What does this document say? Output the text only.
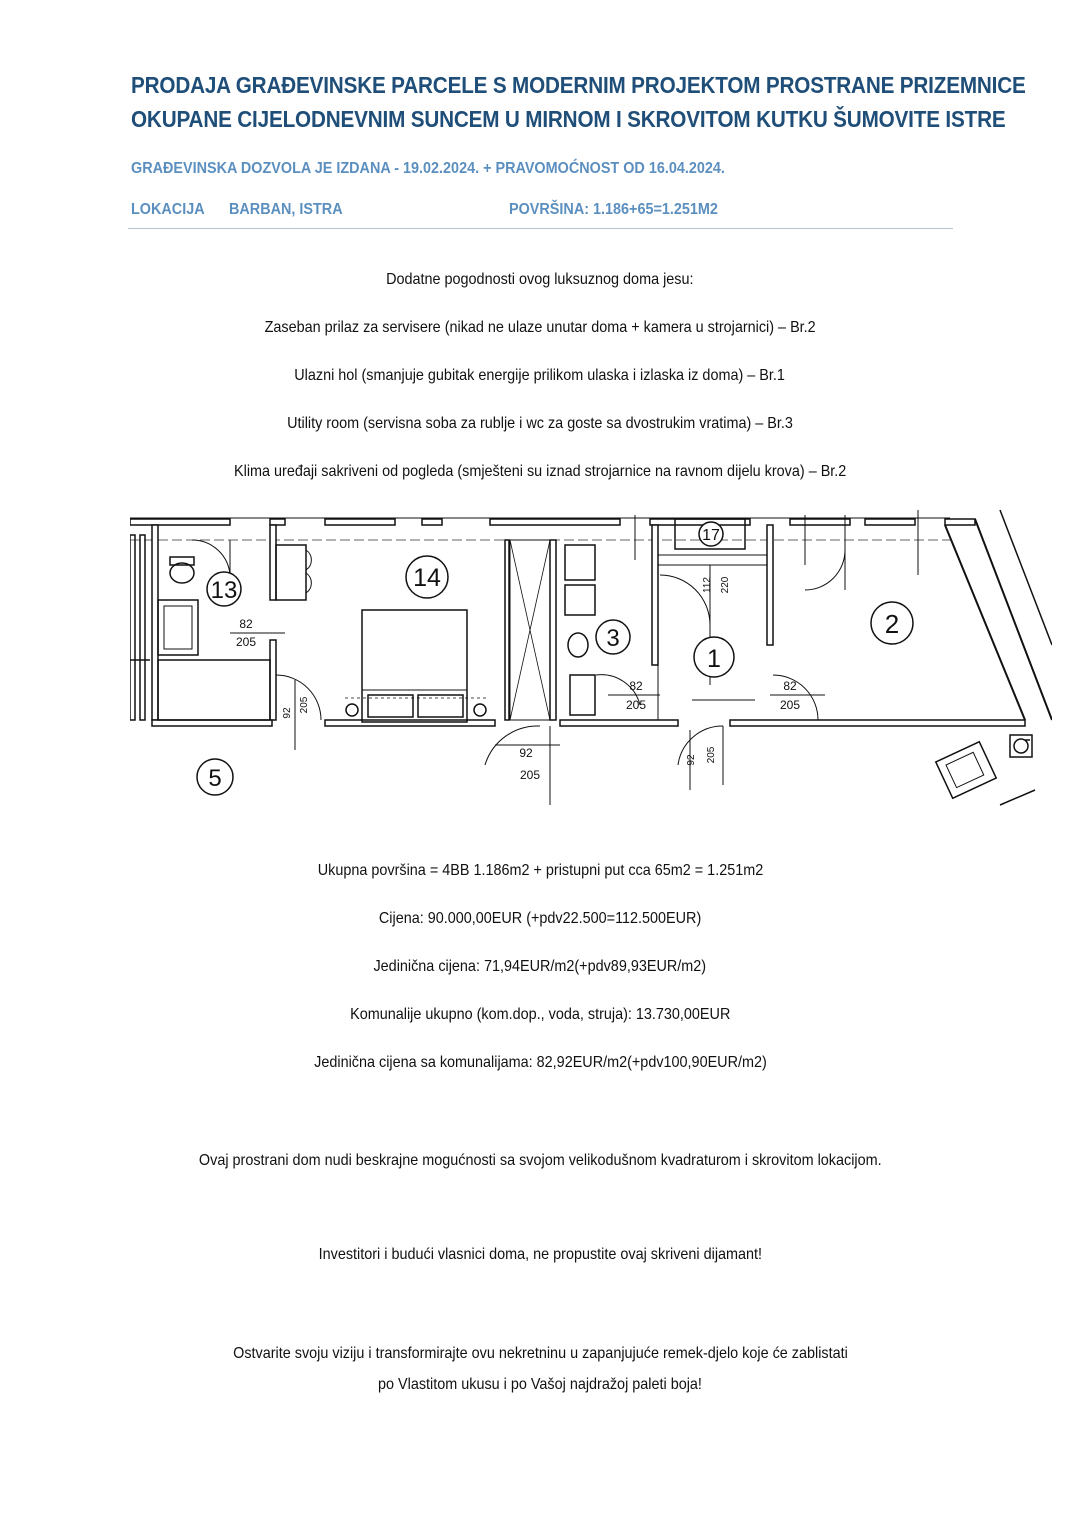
PRODAJA GRAĐEVINSKE PARCELE S MODERNIM PROJEKTOM PROSTRANE PRIZEMNICE
OKUPANE CIJELODNEVNIM SUNCEM U MIRNOM I SKROVITOM KUTKU ŠUMOVITE ISTRE
GRAĐEVINSKA DOZVOLA JE IZDANA - 19.02.2024. + PRAVOMOĆNOST OD 16.04.2024.
LOKACIJA BARBAN, ISTRA	POVRŠINA: 1.186+65=1.251M2
Dodatne pogodnosti ovog luksuznog doma jesu:
Zaseban prilaz za servisere (nikad ne ulaze unutar doma + kamera u strojarnici) – Br.2
Ulazni hol (smanjuje gubitak energije prilikom ulaska i izlaska iz doma) – Br.1
Utility room (servisna soba za rublje i wc za goste sa dvostrukim vratima) – Br.3
Klima uređaji sakriveni od pogleda (smješteni su iznad strojarnice na ravnom dijelu krova) – Br.2
13	14
3
1
2
5
17
82
205
82
205
82
205
92
205
92 205
92 205
112 220
Ukupna površina = 4BB 1.186m2 + pristupni put cca 65m2 = 1.251m2
Cijena: 90.000,00EUR (+pdv22.500=112.500EUR)
Jedinična cijena: 71,94EUR/m2(+pdv89,93EUR/m2)
Komunalije ukupno (kom.dop., voda, struja): 13.730,00EUR
Jedinična cijena sa komunalijama: 82,92EUR/m2(+pdv100,90EUR/m2)
Ovaj prostrani dom nudi beskrajne mogućnosti sa svojom velikodušnom kvadraturom i skrovitom lokacijom.
Investitori i budući vlasnici doma, ne propustite ovaj skriveni dijamant!
Ostvarite svoju viziju i transformirajte ovu nekretninu u zapanjujuće remek-djelo koje će zablistati
po Vlastitom ukusu i po Vašoj najdražoj paleti boja!
